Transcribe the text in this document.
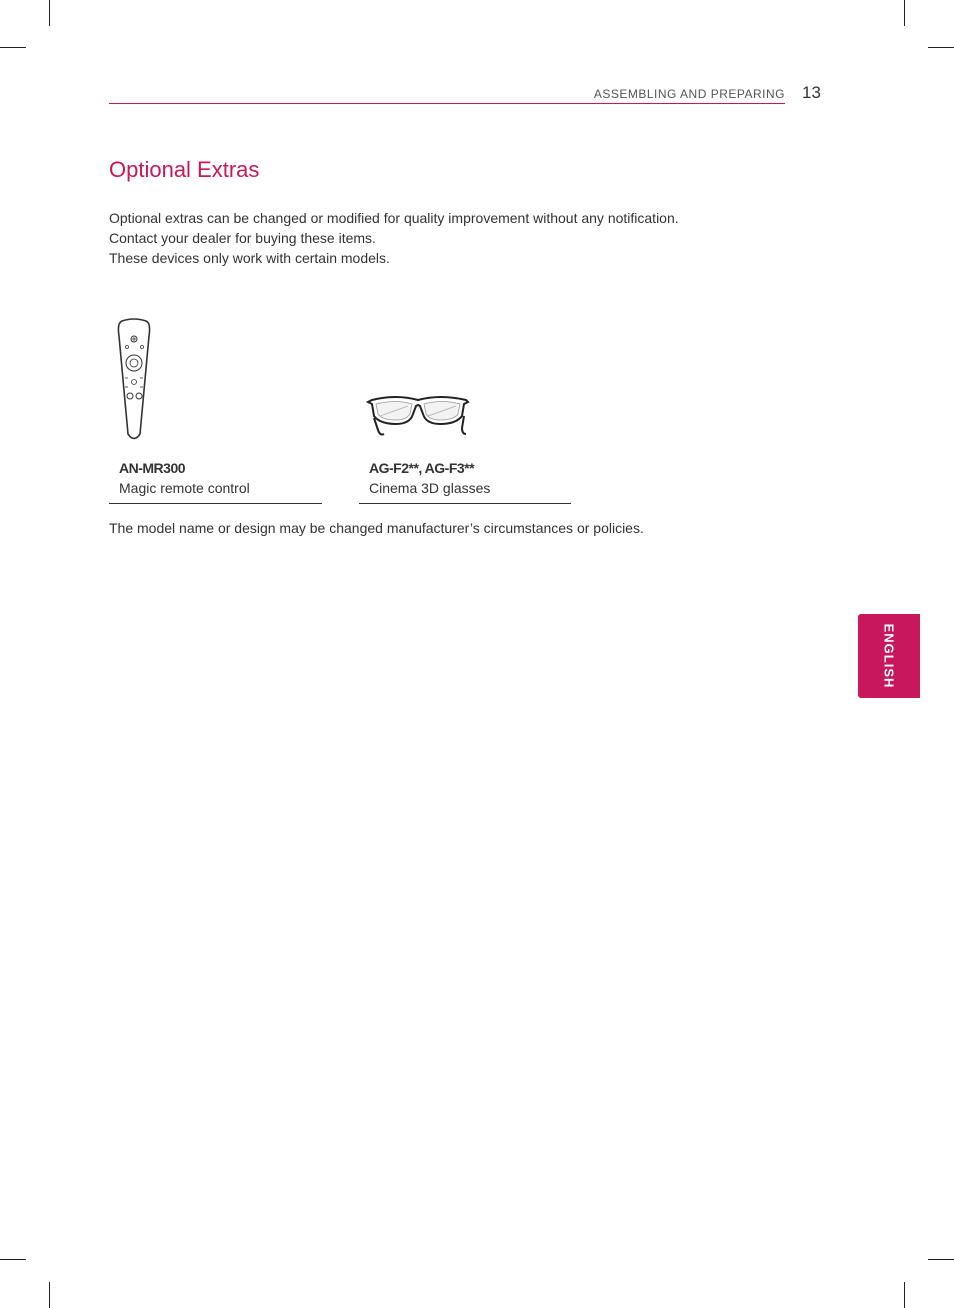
ASSEMBLING AND PREPARING 13
Optional Extras
Optional extras can be changed or modified for quality improvement without any notification.
Contact your dealer for buying these items.
These devices only work with certain models.
AN-MR300
Magic remote control
AG-F2**, AG-F3**
Cinema 3D glasses
The model name or design may be changed manufacturer’s circumstances or policies.
ENGLISH
